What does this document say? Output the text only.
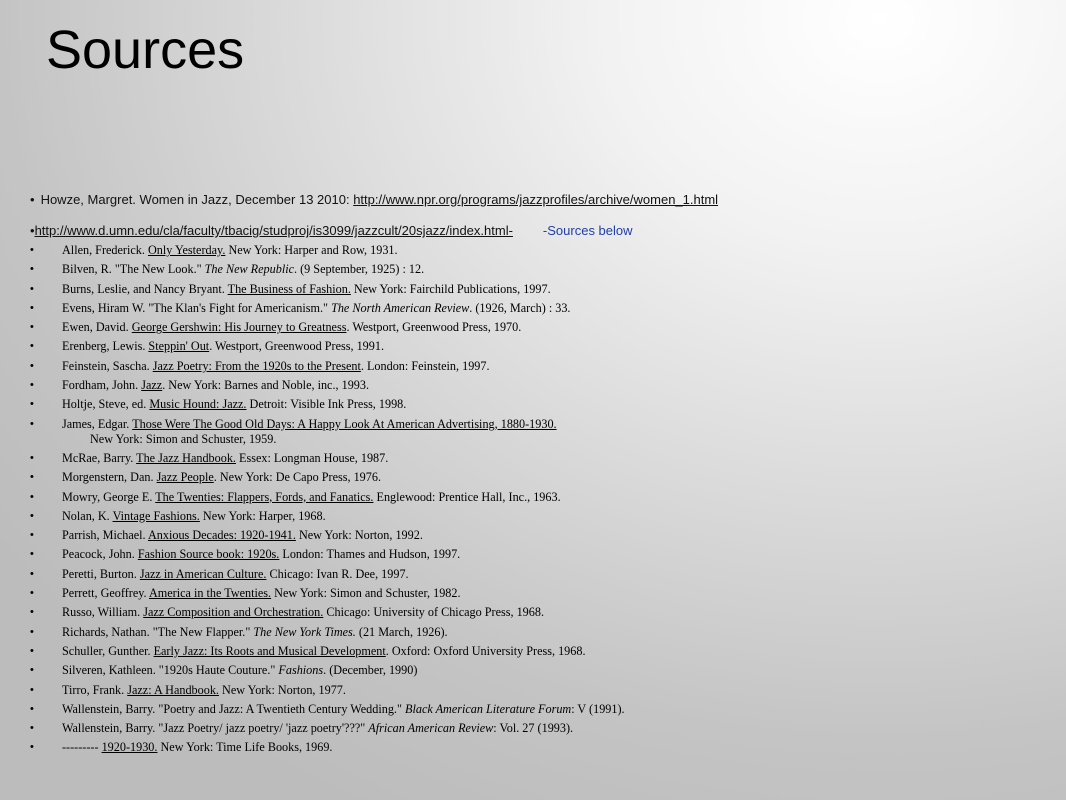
Sources
• Howze, Margret. Women in Jazz, December 13 2010: http://www.npr.org/programs/jazzprofiles/archive/women_1.html
•http://www.d.umn.edu/cla/faculty/tbacig/studproj/is3099/jazzcult/20sjazz/index.html- -Sources below
• Allen, Frederick. Only Yesterday. New York: Harper and Row, 1931.
• Bilven, R. "The New Look." The New Republic. (9 September, 1925) : 12.
• Burns, Leslie, and Nancy Bryant. The Business of Fashion. New York: Fairchild Publications, 1997.
• Evens, Hiram W. "The Klan's Fight for Americanism." The North American Review. (1926, March) : 33.
• Ewen, David. George Gershwin: His Journey to Greatness. Westport, Greenwood Press, 1970.
• Erenberg, Lewis. Steppin' Out. Westport, Greenwood Press, 1991.
• Feinstein, Sascha. Jazz Poetry: From the 1920s to the Present. London: Feinstein, 1997.
• Fordham, John. Jazz. New York: Barnes and Noble, inc., 1993.
• Holtje, Steve, ed. Music Hound: Jazz. Detroit: Visible Ink Press, 1998.
• James, Edgar. Those Were The Good Old Days: A Happy Look At American Advertising, 1880-1930.
New York: Simon and Schuster, 1959.
• McRae, Barry. The Jazz Handbook. Essex: Longman House, 1987.
• Morgenstern, Dan. Jazz People. New York: De Capo Press, 1976.
• Mowry, George E. The Twenties: Flappers, Fords, and Fanatics. Englewood: Prentice Hall, Inc., 1963.
• Nolan, K. Vintage Fashions. New York: Harper, 1968.
• Parrish, Michael. Anxious Decades: 1920-1941. New York: Norton, 1992.
• Peacock, John. Fashion Source book: 1920s. London: Thames and Hudson, 1997.
• Peretti, Burton. Jazz in American Culture. Chicago: Ivan R. Dee, 1997.
• Perrett, Geoffrey. America in the Twenties. New York: Simon and Schuster, 1982.
• Russo, William. Jazz Composition and Orchestration. Chicago: University of Chicago Press, 1968.
• Richards, Nathan. "The New Flapper." The New York Times. (21 March, 1926).
• Schuller, Gunther. Early Jazz: Its Roots and Musical Development. Oxford: Oxford University Press, 1968.
• Silveren, Kathleen. "1920s Haute Couture." Fashions. (December, 1990)
• Tirro, Frank. Jazz: A Handbook. New York: Norton, 1977.
• Wallenstein, Barry. "Poetry and Jazz: A Twentieth Century Wedding." Black American Literature Forum: V (1991).
• Wallenstein, Barry. "Jazz Poetry/ jazz poetry/ 'jazz poetry'???" African American Review: Vol. 27 (1993).
• --------- 1920-1930. New York: Time Life Books, 1969.
